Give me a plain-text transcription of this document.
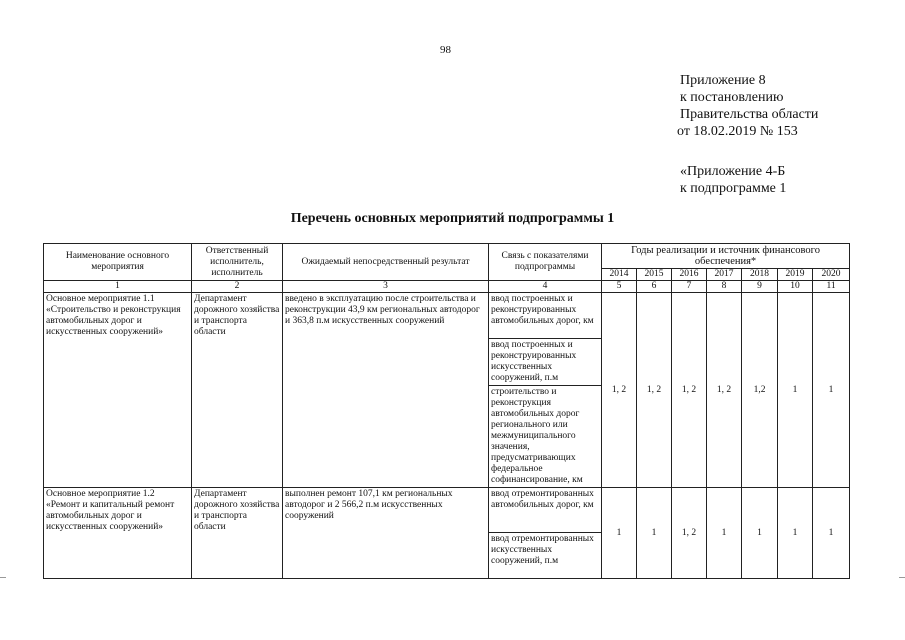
98
Приложение 8
к постановлению
Правительства области
от 18.02.2019 № 153
«Приложение 4-Б
к подпрограмме 1
Перечень основных мероприятий подпрограммы 1
Наименование основного мероприятия	Ответственный исполнитель, исполнитель	Ожидаемый непосредственный результат	Связь с показателями подпрограммы	Годы реализации и источник финансового обеспечения*						
				2014	2015	2016	2017	2018	2019	2020
1	2	3	4	5	6	7	8	9	10	11
Основное мероприятие 1.1 «Строительство и реконструкция автомобильных дорог и искусственных сооружений»	Департамент дорожного хозяйства и транспорта области	введено в эксплуатацию после строительства и реконструкции 43,9 км региональных автодорог и 363,8 п.м искусственных сооружений	ввод построенных и реконструированных автомобильных дорог, км	1, 2	1, 2	1, 2	1, 2	1,2	1	1
			ввод построенных и реконструированных искусственных сооружений, п.м							
			строительство и реконструкция автомобильных дорог регионального или межмуниципального значения, предусматривающих федеральное софинансирование, км							
Основное мероприятие 1.2 «Ремонт и капитальный ремонт автомобильных дорог и искусственных сооружений»	Департамент дорожного хозяйства и транспорта области	выполнен ремонт 107,1 км региональных автодорог и 2 566,2 п.м искусственных сооружений	ввод отремонтированных автомобильных дорог, км	1	1	1, 2	1	1	1	1
			ввод отремонтированных искусственных сооружений, п.м							
